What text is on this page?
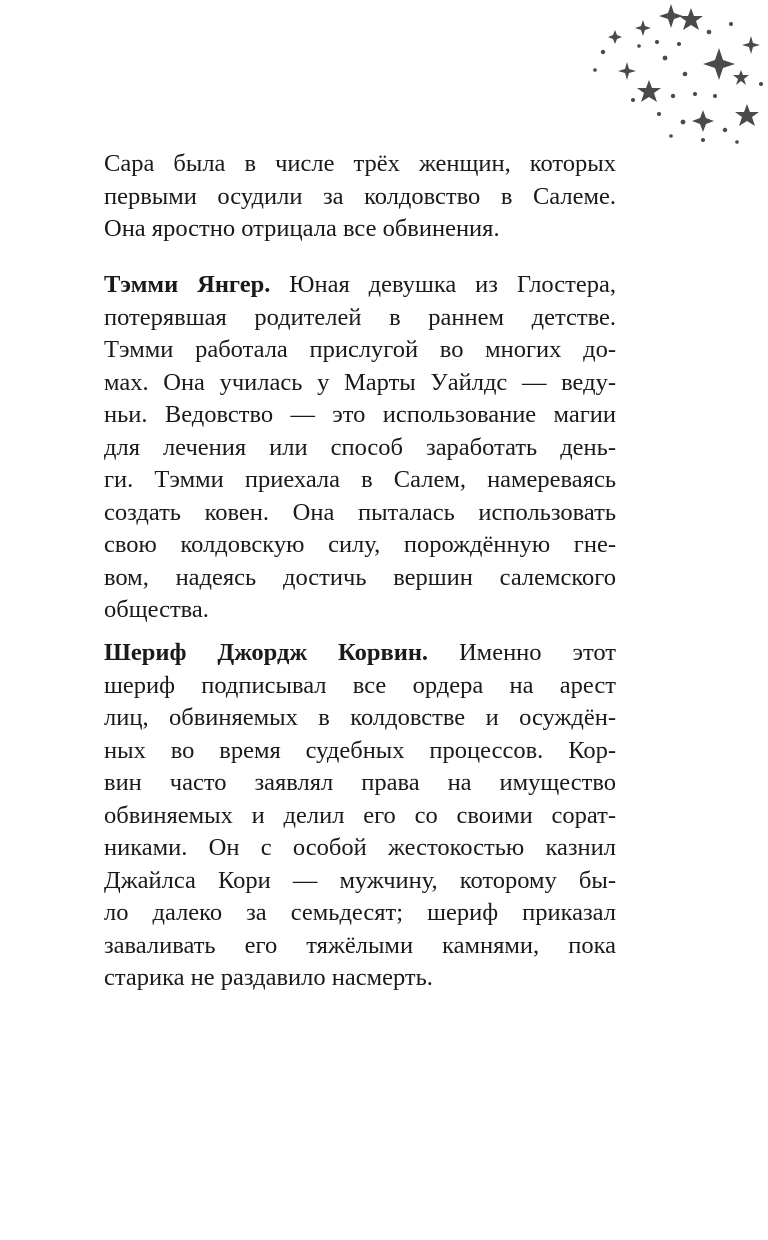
Сара была в числе трёх женщин, которых
первыми осудили за колдовство в Салеме.
Она яростно отрицала все обвинения.
Тэмми Янгер. Юная девушка из Глостера,
потерявшая родителей в раннем детстве.
Тэмми работала прислугой во многих до-
мах. Она училась у Марты Уайлдс — веду-
ньи. Ведовство — это использование магии
для лечения или способ заработать день-
ги. Тэмми приехала в Салем, намереваясь
создать ковен. Она пыталась использовать
свою колдовскую силу, порождённую гне-
вом, надеясь достичь вершин салемского
общества.
Шериф Джордж Корвин. Именно этот
шериф подписывал все ордера на арест
лиц, обвиняемых в колдовстве и осуждён-
ных во время судебных процессов. Кор-
вин часто заявлял права на имущество
обвиняемых и делил его со своими сорат-
никами. Он с особой жестокостью казнил
Джайлса Кори — мужчину, которому бы-
ло далеко за семьдесят; шериф приказал
заваливать его тяжёлыми камнями, пока
старика не раздавило насмерть.
